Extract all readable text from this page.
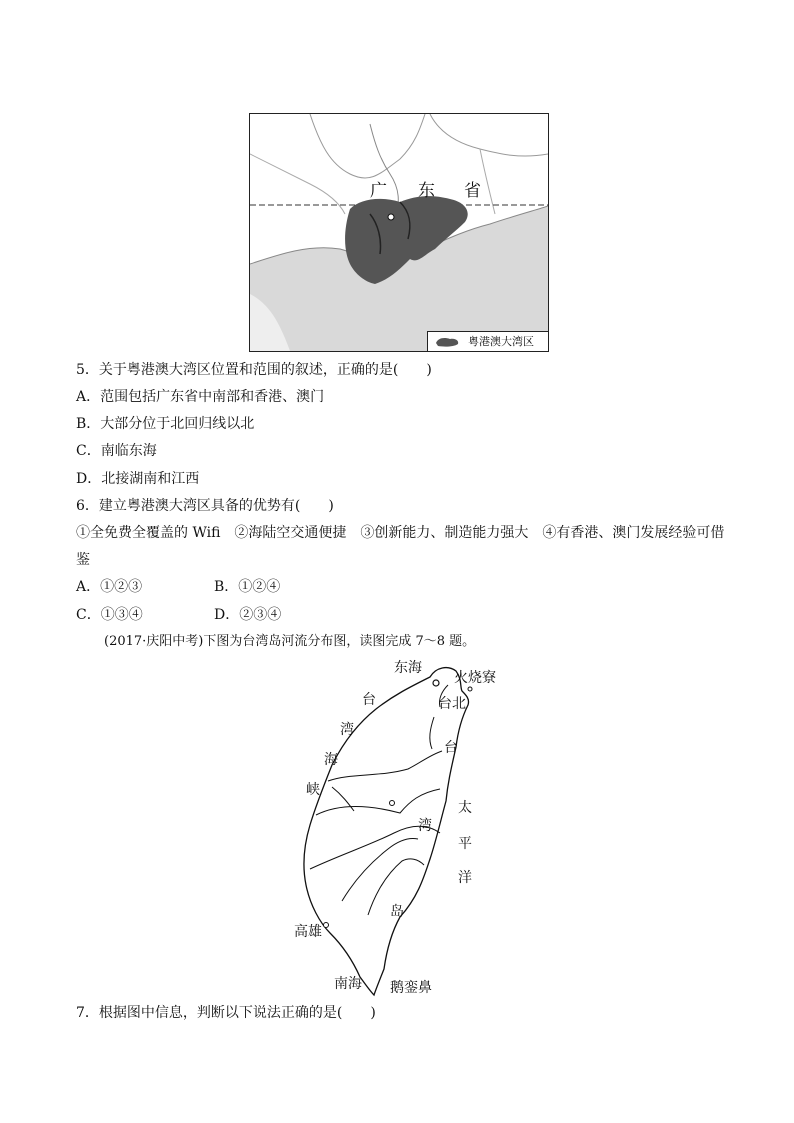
广 东 省
粤港澳大湾区
5．关于粤港澳大湾区位置和范围的叙述，正确的是(　　)
A．范围包括广东省中南部和香港、澳门
B．大部分位于北回归线以北
C．南临东海
D．北接湖南和江西
6．建立粤港澳大湾区具备的优势有(　　)
①全免费全覆盖的 Wifi　②海陆空交通便捷　③创新能力、制造能力强大　④有香港、澳门发展经验可借
鉴
A．①②③	B．①②④
C．①③④	D．②③④
(2017·庆阳中考)下图为台湾岛河流分布图，读图完成 7～8 题。
东海
火烧寮
台北
台
湾
海
峡
台
湾
岛
太
平
洋
高雄
南海 鹅銮鼻
7．根据图中信息，判断以下说法正确的是(　　)
